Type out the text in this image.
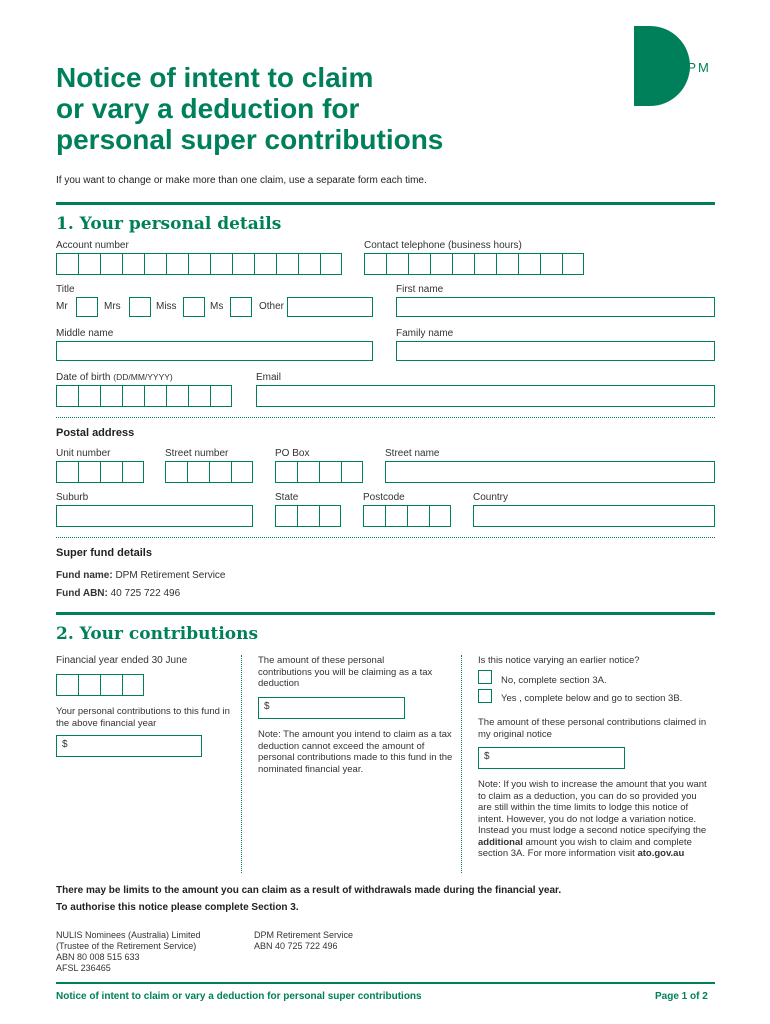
DPM
Notice of intent to claim
or vary a deduction for
personal super contributions
If you want to change or make more than one claim, use a separate form each time.
1. Your personal details
Account number	Contact telephone (business hours)
Title
Mr	Mrs	Miss	Ms	Other
First name
Middle name	Family name
Date of birth (DD/MM/YYYY)	Email
Postal address
Unit number	Street number	PO Box	Street name
Suburb	State	Postcode	Country
Super fund details
Fund name: DPM Retirement Service
Fund ABN: 40 725 722 496
2. Your contributions
Financial year ended 30 June
Your personal contributions to this fund in the above financial year
$
The amount of these personal contributions you will be claiming as a tax deduction
$
Note: The amount you intend to claim as a tax deduction cannot exceed the amount of personal contributions made to this fund in the nominated financial year.
Is this notice varying an earlier notice?
No, complete section 3A.
Yes , complete below and go to section 3B.
The amount of these personal contributions claimed in my original notice
$
Note: If you wish to increase the amount that you want to claim as a deduction, you can do so provided you are still within the time limits to lodge this notice of intent. However, you do not lodge a variation notice. Instead you must lodge a second notice specifying the additional amount you wish to claim and complete section 3A. For more information visit ato.gov.au
There may be limits to the amount you can claim as a result of withdrawals made during the financial year.
To authorise this notice please complete Section 3.
NULIS Nominees (Australia) Limited
(Trustee of the Retirement Service)
ABN 80 008 515 633
AFSL 236465
DPM Retirement Service
ABN 40 725 722 496
Notice of intent to claim or vary a deduction for personal super contributions	Page 1 of 2
